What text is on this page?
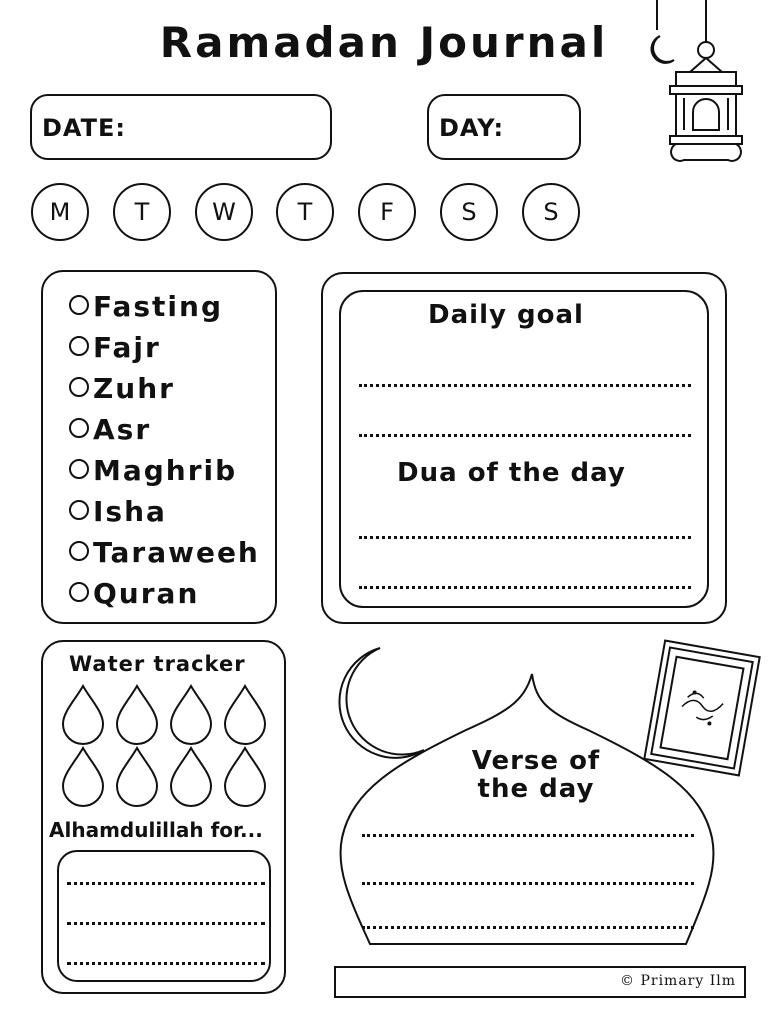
Ramadan Journal
DATE:	DAY:
M	T	W	T	F	S	S
Fasting
Fajr
Zuhr
Asr
Maghrib
Isha
Taraweeh
Quran
Daily goal
Dua of the day
Water tracker
Alhamdulillah for...
Verse of
the day
© Primary Ilm
